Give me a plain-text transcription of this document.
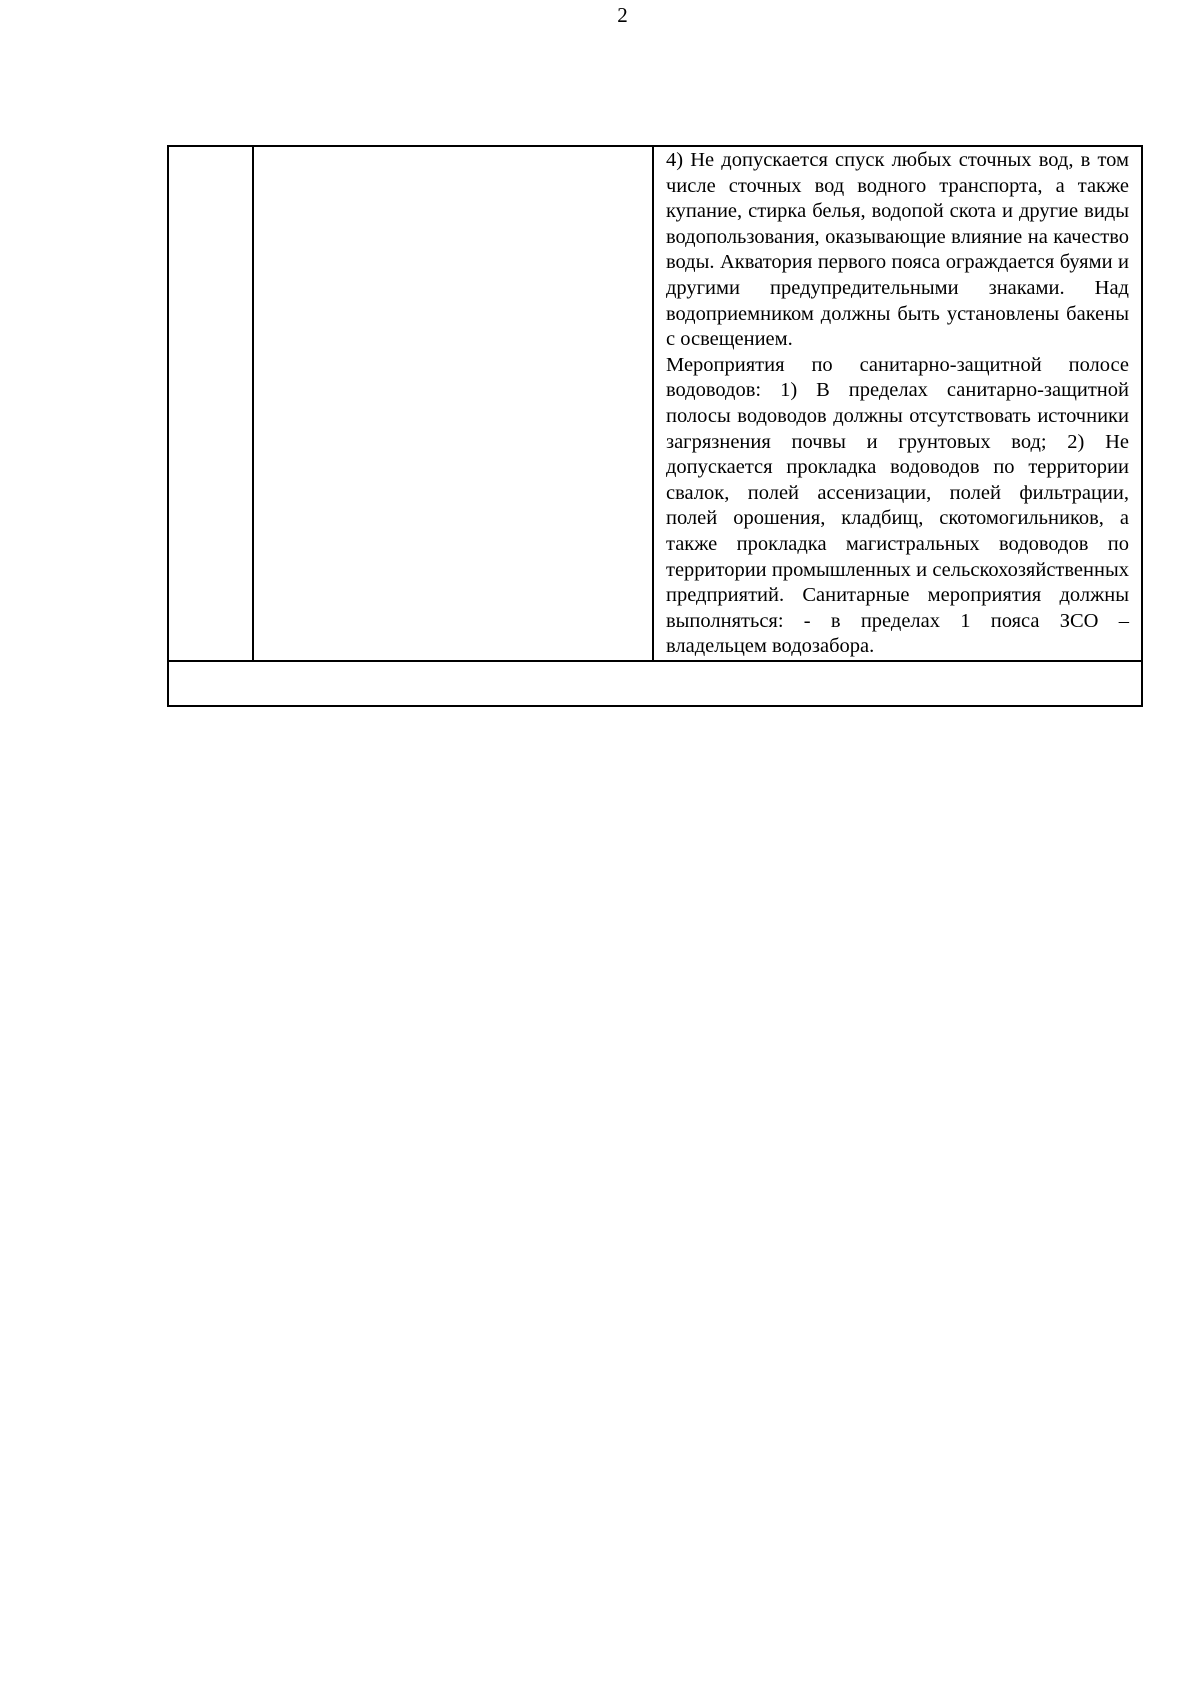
2

4) Не допускается спуск любых сточных вод, в том числе сточных вод водного транспорта, а также купание, стирка белья, водопой скота и другие виды водопользования, оказывающие влияние на качество воды. Акватория первого пояса ограждается буями и другими предупредительными знаками. Над водоприемником должны быть установлены бакены с освещением.

Мероприятия по санитарно-защитной полосе водоводов: 1) В пределах санитарно-защитной полосы водоводов должны отсутствовать источники загрязнения почвы и грунтовых вод; 2) Не допускается прокладка водоводов по территории свалок, полей ассенизации, полей фильтрации, полей орошения, кладбищ, скотомогильников, а также прокладка магистральных водоводов по территории промышленных и сельскохозяйственных предприятий. Санитарные мероприятия должны выполняться: - в пределах 1 пояса ЗСО – владельцем водозабора.
